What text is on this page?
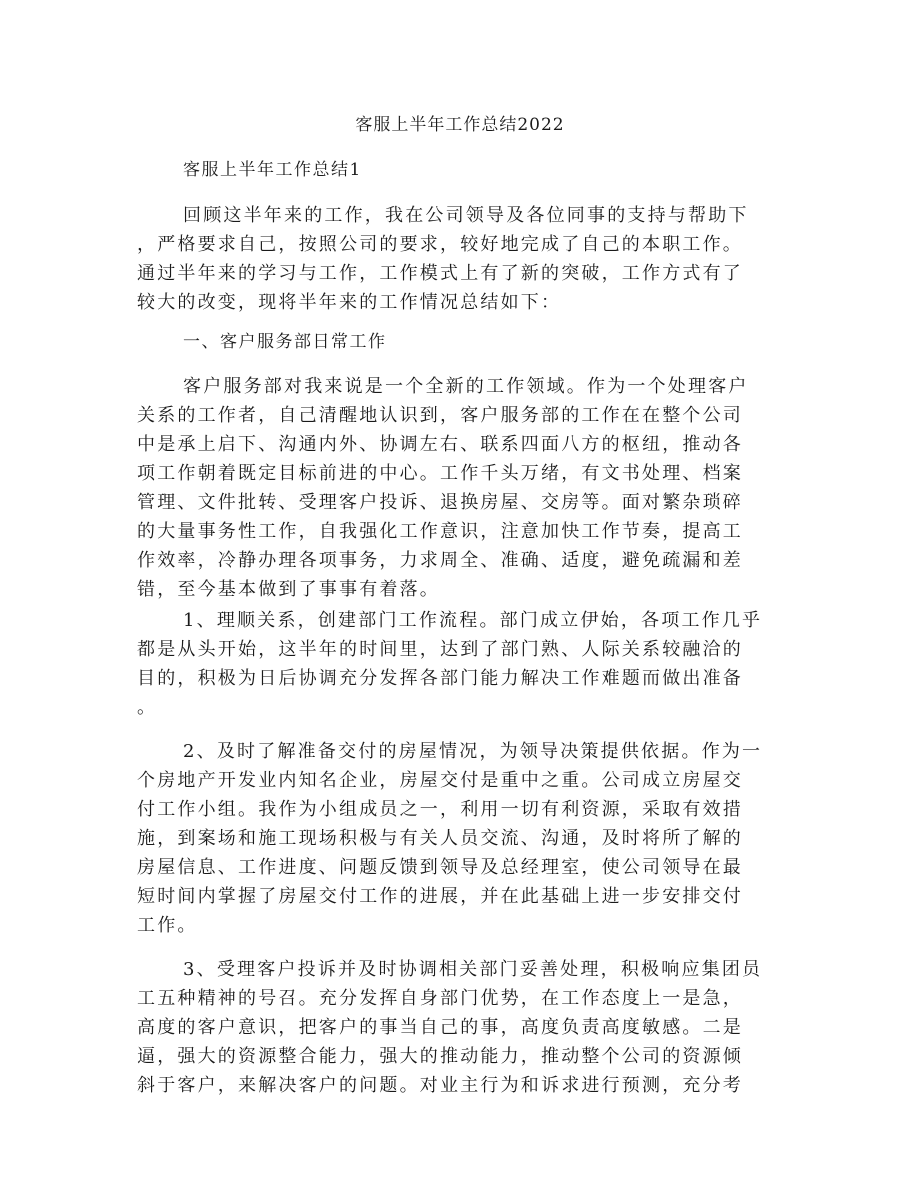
客服上半年工作总结2022
客服上半年工作总结1
回顾这半年来的工作，我在公司领导及各位同事的支持与帮助下
，严格要求自己，按照公司的要求，较好地完成了自己的本职工作。
通过半年来的学习与工作，工作模式上有了新的突破，工作方式有了
较大的改变，现将半年来的工作情况总结如下：
一、客户服务部日常工作
客户服务部对我来说是一个全新的工作领域。作为一个处理客户
关系的工作者，自己清醒地认识到，客户服务部的工作在在整个公司
中是承上启下、沟通内外、协调左右、联系四面八方的枢纽，推动各
项工作朝着既定目标前进的中心。工作千头万绪，有文书处理、档案
管理、文件批转、受理客户投诉、退换房屋、交房等。面对繁杂琐碎
的大量事务性工作，自我强化工作意识，注意加快工作节奏，提高工
作效率，冷静办理各项事务，力求周全、准确、适度，避免疏漏和差
错，至今基本做到了事事有着落。
1、理顺关系，创建部门工作流程。部门成立伊始，各项工作几乎
都是从头开始，这半年的时间里，达到了部门熟、人际关系较融洽的
目的，积极为日后协调充分发挥各部门能力解决工作难题而做出准备
。
2、及时了解准备交付的房屋情况，为领导决策提供依据。作为一
个房地产开发业内知名企业，房屋交付是重中之重。公司成立房屋交
付工作小组。我作为小组成员之一，利用一切有利资源，采取有效措
施，到案场和施工现场积极与有关人员交流、沟通，及时将所了解的
房屋信息、工作进度、问题反馈到领导及总经理室，使公司领导在最
短时间内掌握了房屋交付工作的进展，并在此基础上进一步安排交付
工作。
3、受理客户投诉并及时协调相关部门妥善处理，积极响应集团员
工五种精神的号召。充分发挥自身部门优势，在工作态度上一是急，
高度的客户意识，把客户的事当自己的事，高度负责高度敏感。二是
逼，强大的资源整合能力，强大的推动能力，推动整个公司的资源倾
斜于客户，来解决客户的问题。对业主行为和诉求进行预测，充分考
